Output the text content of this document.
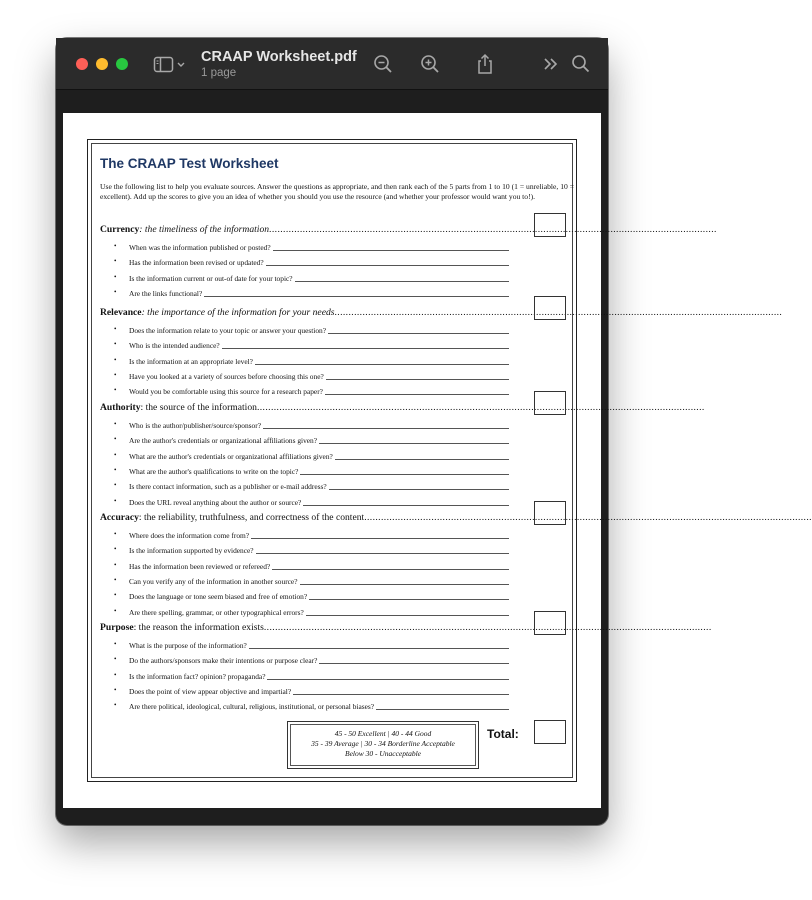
CRAAP Worksheet.pdf
1 page
The CRAAP Test Worksheet
Use the following list to help you evaluate sources. Answer the questions as appropriate, and then rank each of the 5 parts from 1 to 10 (1 = unreliable, 10 = excellent). Add up the scores to give you an idea of whether you should you use the resource (and whether your professor would want you to!).
Currency: the timeliness of the information................................................................................................................................................................
• When was the information published or posted?
• Has the information been revised or updated?
• Is the information current or out-of date for your topic?
• Are the links functional?
Relevance: the importance of the information for your needs................................................................................................................................................................
• Does the information relate to your topic or answer your question?
• Who is the intended audience?
• Is the information at an appropriate level?
• Have you looked at a variety of sources before choosing this one?
• Would you be comfortable using this source for a research paper?
Authority: the source of the information................................................................................................................................................................
• Who is the author/publisher/source/sponsor?
• Are the author's credentials or organizational affiliations given?
• What are the author's credentials or organizational affiliations given?
• What are the author's qualifications to write on the topic?
• Is there contact information, such as a publisher or e-mail address?
• Does the URL reveal anything about the author or source?
Accuracy: the reliability, truthfulness, and correctness of the content................................................................................................................................................................
• Where does the information come from?
• Is the information supported by evidence?
• Has the information been reviewed or refereed?
• Can you verify any of the information in another source?
• Does the language or tone seem biased and free of emotion?
• Are there spelling, grammar, or other typographical errors?
Purpose: the reason the information exists................................................................................................................................................................
• What is the purpose of the information?
• Do the authors/sponsors make their intentions or purpose clear?
• Is the information fact? opinion? propaganda?
• Does the point of view appear objective and impartial?
• Are there political, ideological, cultural, religious, institutional, or personal biases?
45 - 50 Excellent | 40 - 44 Good
35 - 39 Average | 30 - 34 Borderline Acceptable
Below 30 - Unacceptable
Total:
